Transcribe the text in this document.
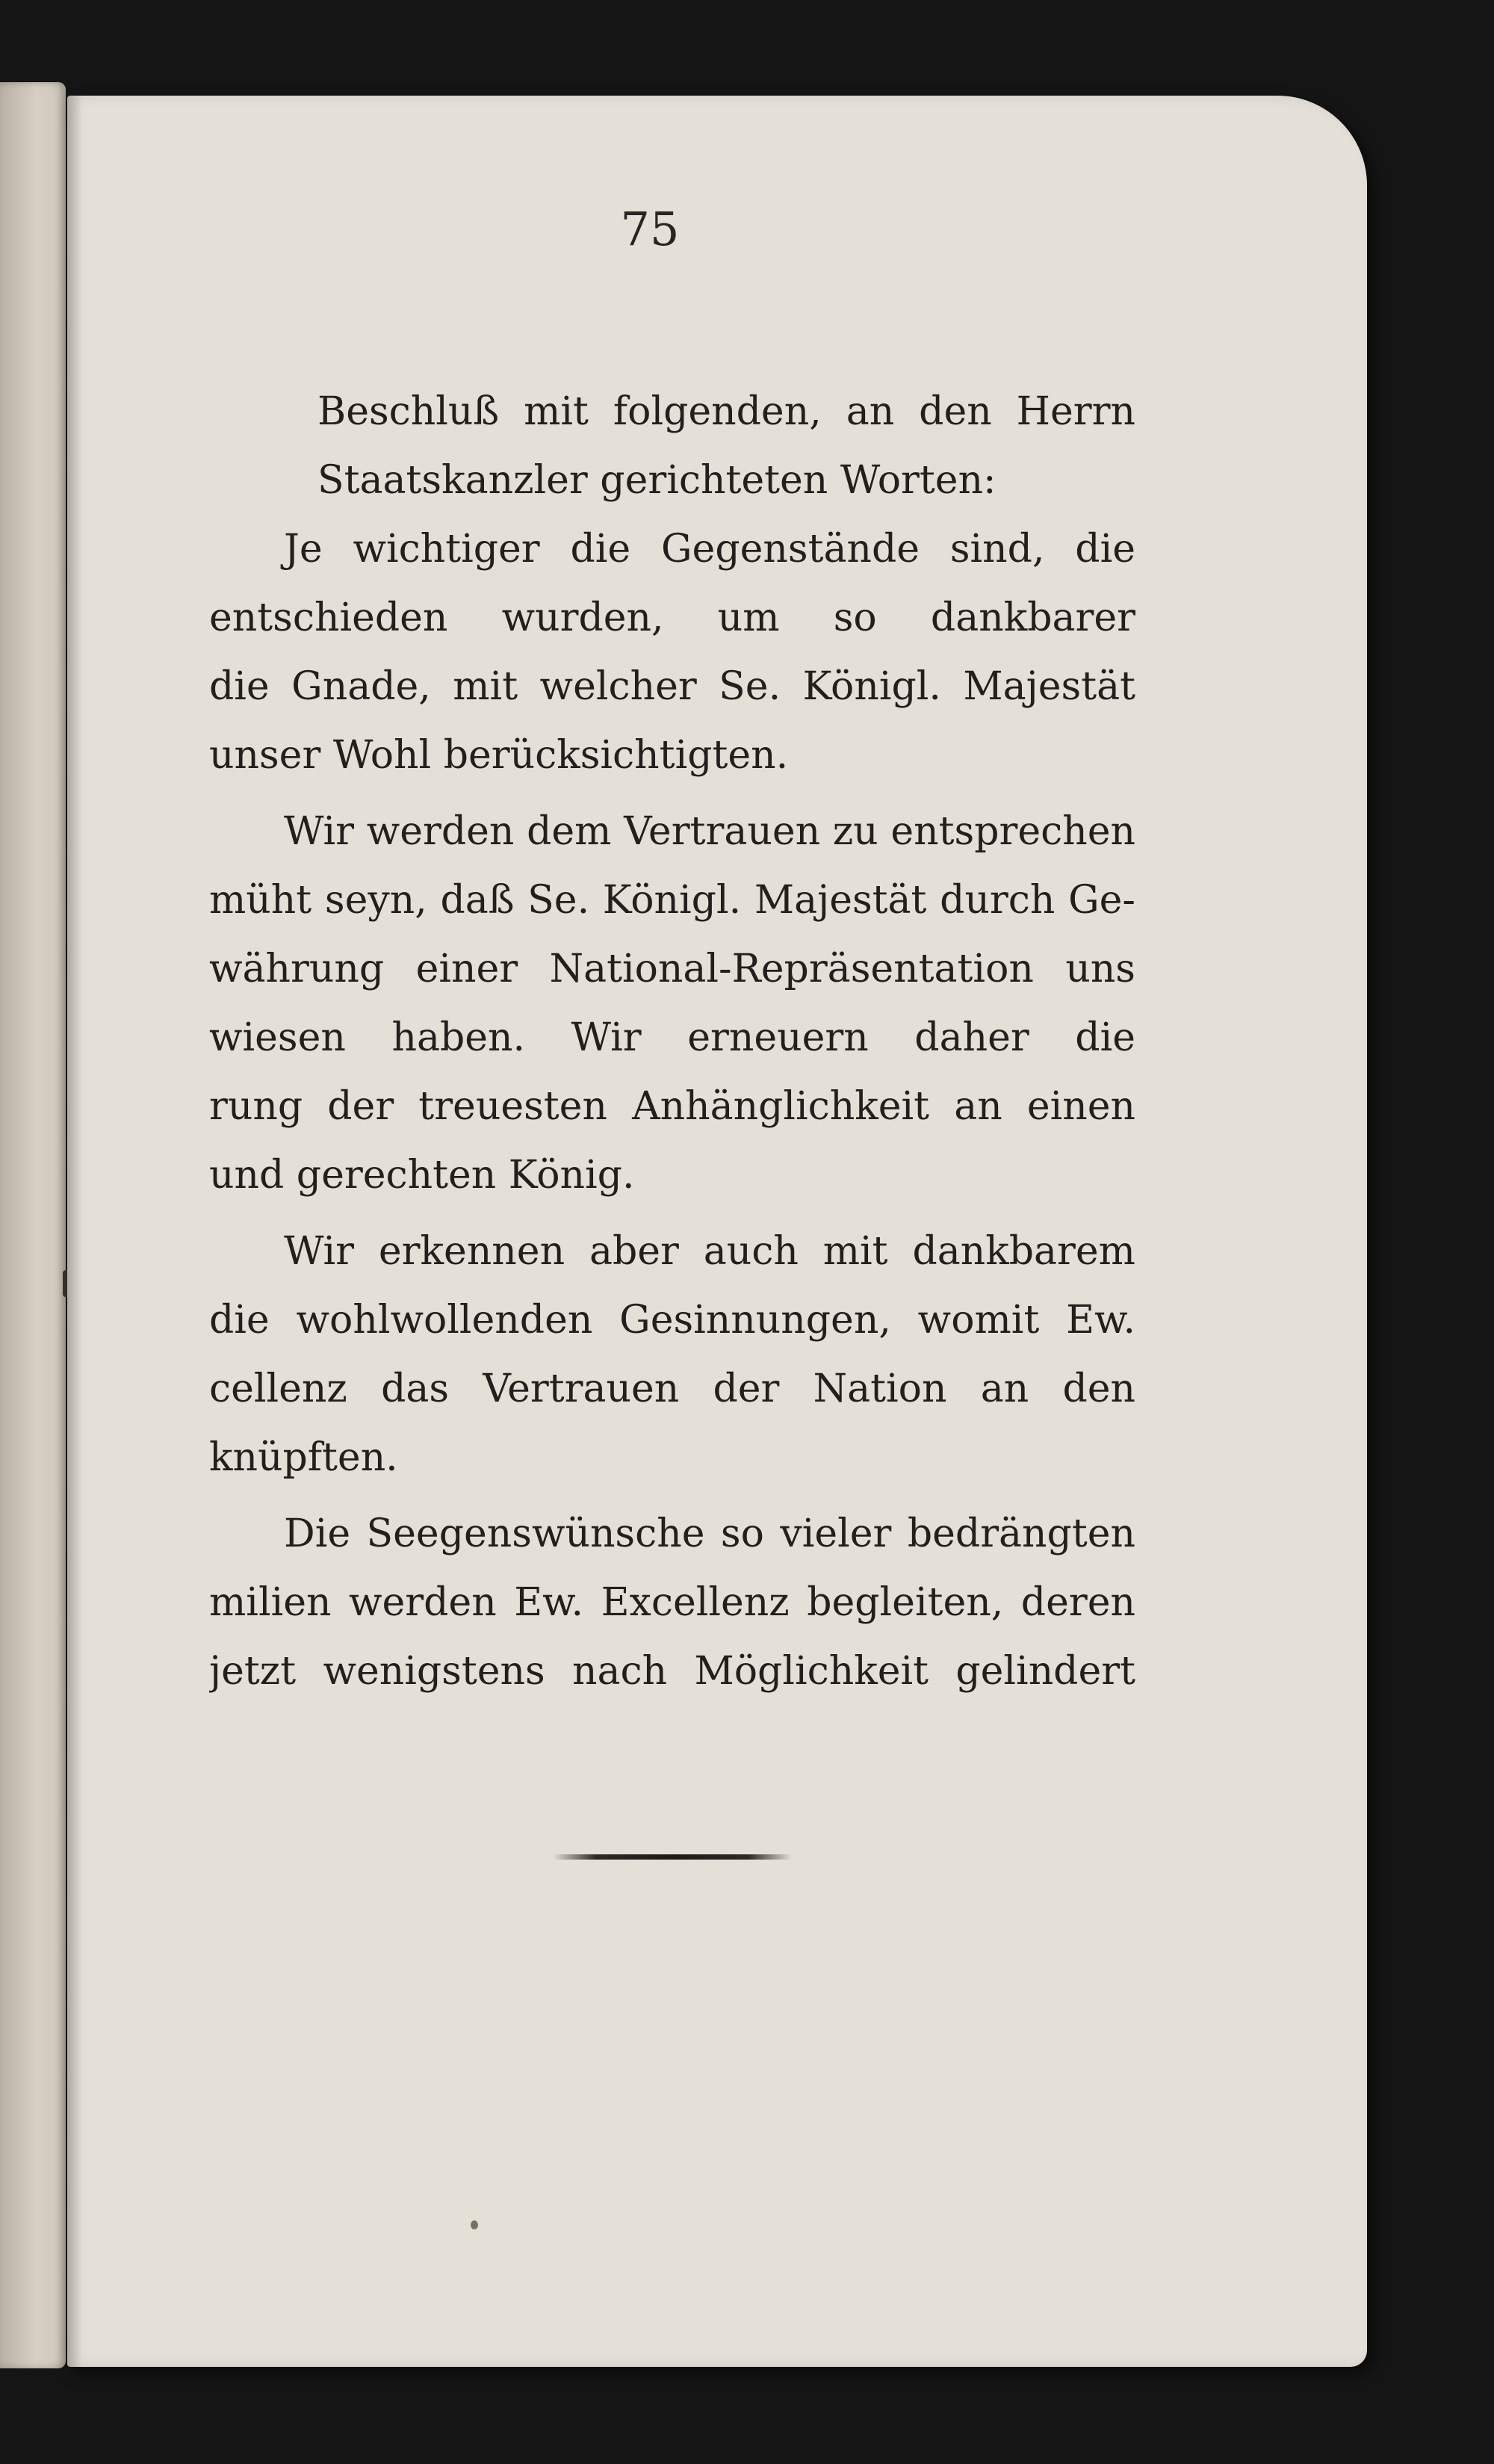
75
Beschluß mit folgenden, an den Herrn
Staatskanzler gerichteten Worten:
Je wichtiger die Gegenstände sind, die
entschieden wurden, um so dankbarer
die Gnade, mit welcher Se. Königl. Majestät
unser Wohl berücksichtigten.
Wir werden dem Vertrauen zu entsprechen
müht seyn, daß Se. Königl. Majestät durch Ge-
währung einer National-Repräsentation uns
wiesen haben. Wir erneuern daher die
rung der treuesten Anhänglichkeit an einen
und gerechten König.
Wir erkennen aber auch mit dankbarem
die wohlwollenden Gesinnungen, womit Ew.
cellenz das Vertrauen der Nation an den
knüpften.
Die Seegenswünsche so vieler bedrängten
milien werden Ew. Excellenz begleiten, deren
jetzt wenigstens nach Möglichkeit gelindert
